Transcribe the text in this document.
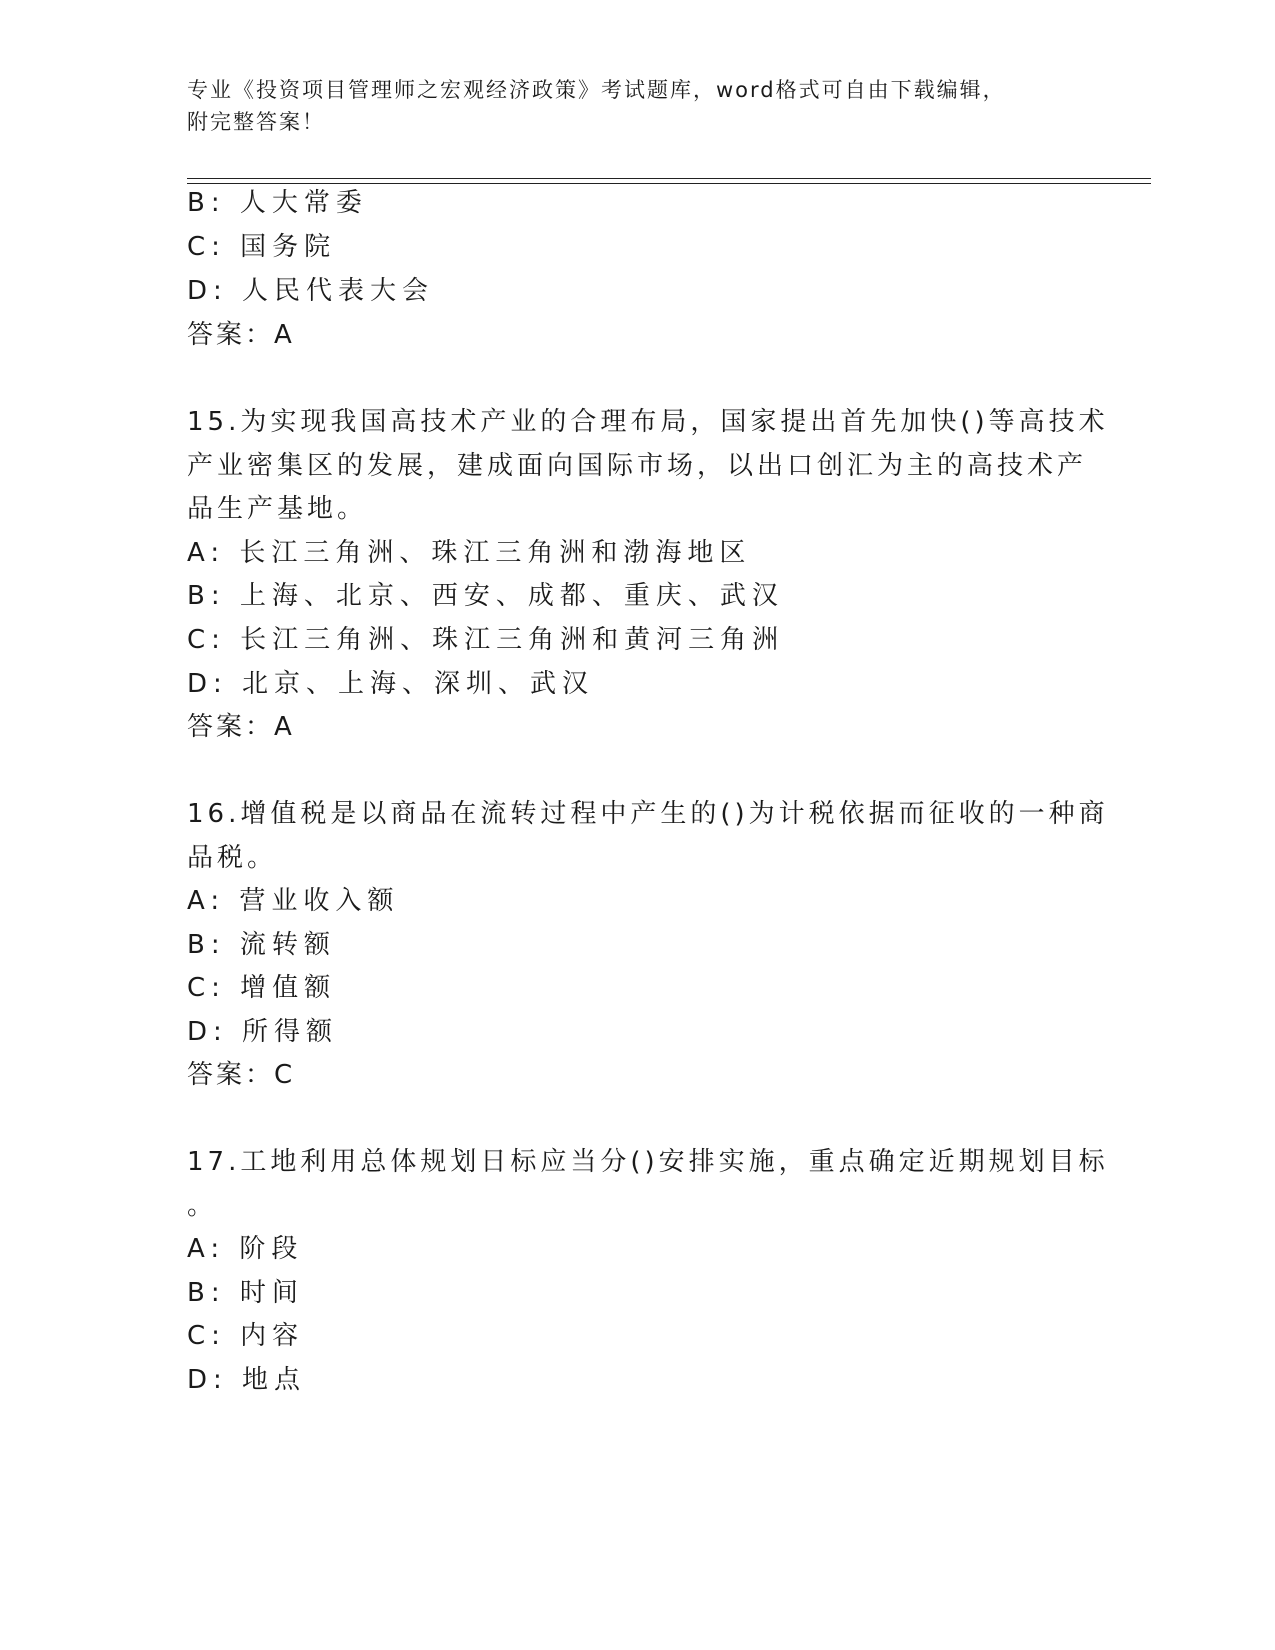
专业《投资项目管理师之宏观经济政策》考试题库，word格式可自由下载编辑，
附完整答案！
B: 人大常委
C: 国务院
D: 人民代表大会
答案：A
15.为实现我国高技术产业的合理布局，国家提出首先加快()等高技术
产业密集区的发展，建成面向国际市场，以出口创汇为主的高技术产
品生产基地。
A: 长江三角洲、珠江三角洲和渤海地区
B: 上海、北京、西安、成都、重庆、武汉
C: 长江三角洲、珠江三角洲和黄河三角洲
D: 北京、上海、深圳、武汉
答案：A
16.增值税是以商品在流转过程中产生的()为计税依据而征收的一种商
品税。
A: 营业收入额
B: 流转额
C: 增值额
D: 所得额
答案：C
17.工地利用总体规划日标应当分()安排实施，重点确定近期规划目标
。
A: 阶段
B: 时间
C: 内容
D: 地点
